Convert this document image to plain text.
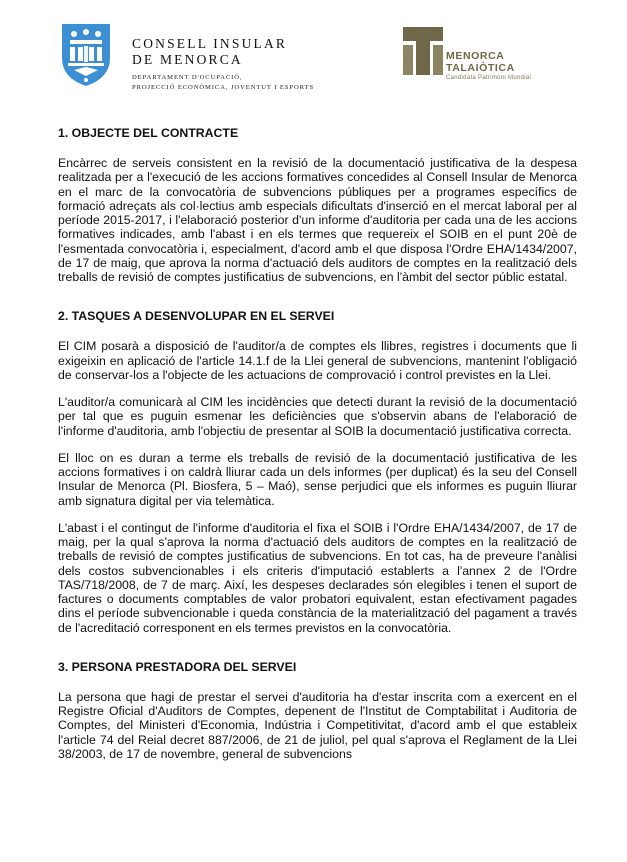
CONSELL INSULAR
DE MENORCA
DEPARTAMENT D'OCUPACIÓ,
PROJECCIÓ ECONÒMICA, JOVENTUT I ESPORTS
MENORCA
TALAIÒTICA
Candidata Patrimoni Mundial
1. OBJECTE DEL CONTRACTE

Encàrrec de serveis consistent en la revisió de la documentació justificativa de la despesa realitzada per a l'execució de les accions formatives concedides al Consell Insular de Menorca en el marc de la convocatòria de subvencions públiques per a programes específics de formació adreçats als col·lectius amb especials dificultats d'inserció en el mercat laboral per al període 2015-2017, i l'elaboració posterior d'un informe d'auditoria per cada una de les accions formatives indicades, amb l'abast i en els termes que requereix el SOIB en el punt 20è de l'esmentada convocatòria i, especialment, d'acord amb el que disposa l'Ordre EHA/1434/2007, de 17 de maig, que aprova la norma d'actuació dels auditors de comptes en la realització dels treballs de revisió de comptes justificatius de subvencions, en l'àmbit del sector públic estatal.

2. TASQUES A DESENVOLUPAR EN EL SERVEI

El CIM posarà a disposició de l'auditor/a de comptes els llibres, registres i documents que li exigeixin en aplicació de l'article 14.1.f de la Llei general de subvencions, mantenint l'obligació de conservar-los a l'objecte de les actuacions de comprovació i control previstes en la Llei.

L'auditor/a comunicarà al CIM les incidències que detecti durant la revisió de la documentació per tal que es puguin esmenar les deficiències que s'observin abans de l'elaboració de l'informe d'auditoria, amb l'objectiu de presentar al SOIB la documentació justificativa correcta.

El lloc on es duran a terme els treballs de revisió de la documentació justificativa de les accions formatives i on caldrà lliurar cada un dels informes (per duplicat) és la seu del Consell Insular de Menorca (Pl. Biosfera, 5 – Maó), sense perjudici que els informes es puguin lliurar amb signatura digital per via telemàtica.

L'abast i el contingut de l'informe d'auditoria el fixa el SOIB i l'Ordre EHA/1434/2007, de 17 de maig, per la qual s'aprova la norma d'actuació dels auditors de comptes en la realització de treballs de revisió de comptes justificatius de subvencions. En tot cas, ha de preveure l'anàlisi dels costos subvencionables i els criteris d'imputació establerts a l'annex 2 de l'Ordre TAS/718/2008, de 7 de març. Així, les despeses declarades són elegibles i tenen el suport de factures o documents comptables de valor probatori equivalent, estan efectivament pagades dins el període subvencionable i queda constància de la materialització del pagament a través de l'acreditació corresponent en els termes previstos en la convocatòria.

3. PERSONA PRESTADORA DEL SERVEI

La persona que hagi de prestar el servei d'auditoria ha d'estar inscrita com a exercent en el Registre Oficial d'Auditors de Comptes, depenent de l'Institut de Comptabilitat i Auditoria de Comptes, del Ministeri d'Economia, Indústria i Competitivitat, d'acord amb el que estableix l'article 74 del Reial decret 887/2006, de 21 de juliol, pel qual s'aprova el Reglament de la Llei 38/2003, de 17 de novembre, general de subvencions
